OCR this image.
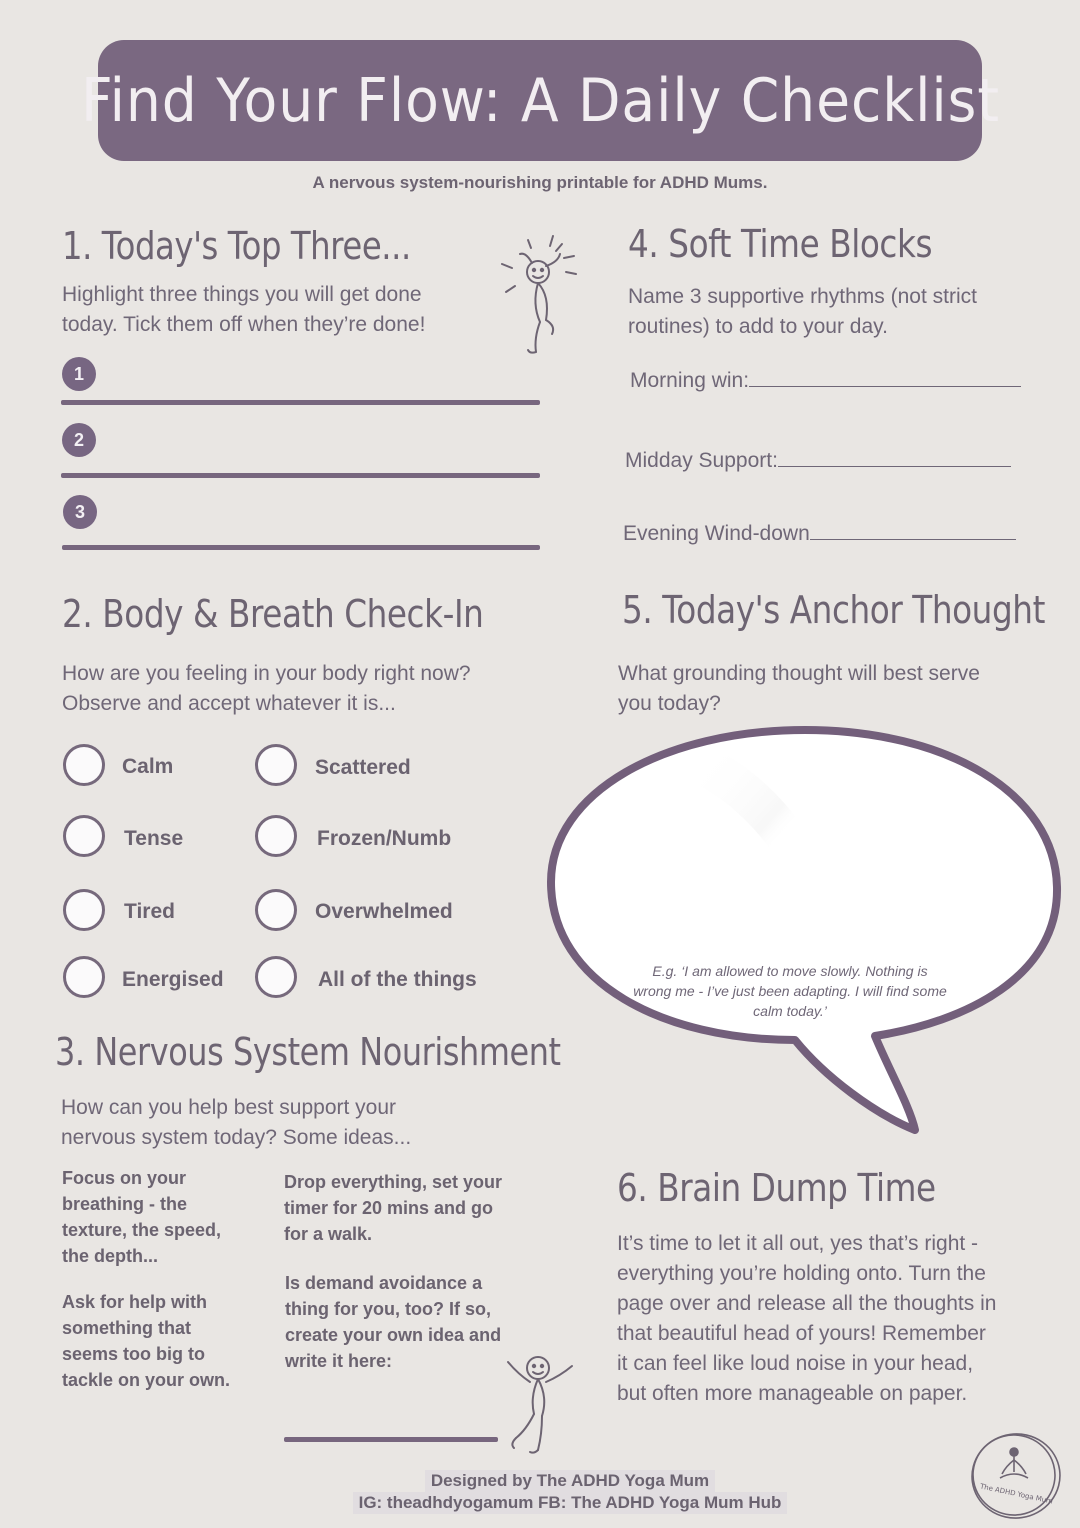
Find Your Flow: A Daily Checklist
A nervous system-nourishing printable for ADHD Mums.
1. Today's Top Three...
Highlight three things you will get done
today. Tick them off when they’re done!
1
2
3
4. Soft Time Blocks
Name 3 supportive rhythms (not strict
routines) to add to your day.
Morning win:
Midday Support:
Evening Wind-down
2. Body & Breath Check-In
How are you feeling in your body right now?
Observe and accept whatever it is...
Calm	Scattered
Tense	Frozen/Numb
Tired	Overwhelmed
Energised	All of the things
5. Today's Anchor Thought
What grounding thought will best serve
you today?
E.g. ‘I am allowed to move slowly. Nothing is
wrong me - I’ve just been adapting. I will find some
calm today.’
3. Nervous System Nourishment
How can you help best support your
nervous system today? Some ideas...
Focus on your
breathing - the
texture, the speed,
the depth...
Ask for help with
something that
seems too big to
tackle on your own.
Drop everything, set your
timer for 20 mins and go
for a walk.
Is demand avoidance a
thing for you, too? If so,
create your own idea and
write it here:
6. Brain Dump Time
It’s time to let it all out, yes that’s right -
everything you’re holding onto. Turn the
page over and release all the thoughts in
that beautiful head of yours! Remember
it can feel like loud noise in your head,
but often more manageable on paper.
Designed by The ADHD Yoga Mum
IG: theadhdyogamum FB: The ADHD Yoga Mum Hub	The ADHD Yoga Mum
